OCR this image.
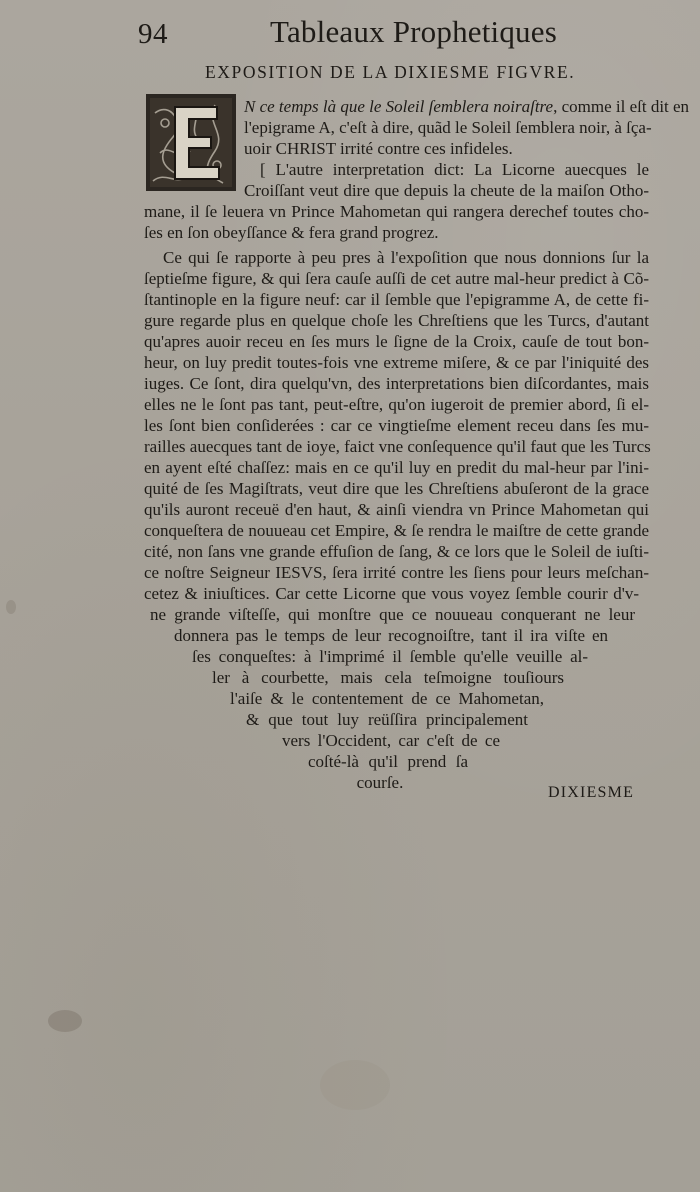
94	Tableaux Prophetiques
EXPOSITION DE LA DIXIESME FIGVRE.
N ce temps là que le Soleil ſemblera noiraſtre, comme il eſt dit en
l'epigrame A, c'eſt à dire, quãd le Soleil ſemblera noir, à ſça-
uoir CHRIST irrité contre ces infideles.
[ L'autre interpretation dict: La Licorne auecques le
Croiſſant veut dire que depuis la cheute de la maiſon Otho-
mane, il ſe leuera vn Prince Mahometan qui rangera derechef toutes cho-
ſes en ſon obeyſſance & fera grand progrez.
Ce qui ſe rapporte à peu pres à l'expoſition que nous donnions ſur la
ſeptieſme figure, & qui ſera cauſe auſſi de cet autre mal-heur predict à Cõ-
ſtantinople en la figure neuf: car il ſemble que l'epigramme A, de cette fi-
gure regarde plus en quelque choſe les Chreſtiens que les Turcs, d'autant
qu'apres auoir receu en ſes murs le ſigne de la Croix, cauſe de tout bon-
heur, on luy predit toutes-fois vne extreme miſere, & ce par l'iniquité des
iuges. Ce ſont, dira quelqu'vn, des interpretations bien diſcordantes, mais
elles ne le ſont pas tant, peut-eſtre, qu'on iugeroit de premier abord, ſi el-
les ſont bien conſiderées : car ce vingtieſme element receu dans ſes mu-
railles auecques tant de ioye, faict vne conſequence qu'il faut que les Turcs
en ayent eſté chaſſez: mais en ce qu'il luy en predit du mal-heur par l'ini-
quité de ſes Magiſtrats, veut dire que les Chreſtiens abuſeront de la grace
qu'ils auront receuë d'en haut, & ainſi viendra vn Prince Mahometan qui
conqueſtera de nouueau cet Empire, & ſe rendra le maiſtre de cette grande
cité, non ſans vne grande effuſion de ſang, & ce lors que le Soleil de iuſti-
ce noſtre Seigneur IESVS, ſera irrité contre les ſiens pour leurs meſchan-
cetez & iniuſtices. Car cette Licorne que vous voyez ſemble courir d'v-
ne grande viſteſſe, qui monſtre que ce nouueau conquerant ne leur
donnera pas le temps de leur recognoiſtre, tant il ira viſte en
ſes conqueſtes: à l'imprimé il ſemble qu'elle veuille al-
ler à courbette, mais cela teſmoigne touſiours
l'aiſe & le contentement de ce Mahometan,
& que tout luy reüſſira principalement
vers l'Occident, car c'eſt de ce
coſté-là qu'il prend ſa
courſe.
DIXIESME
